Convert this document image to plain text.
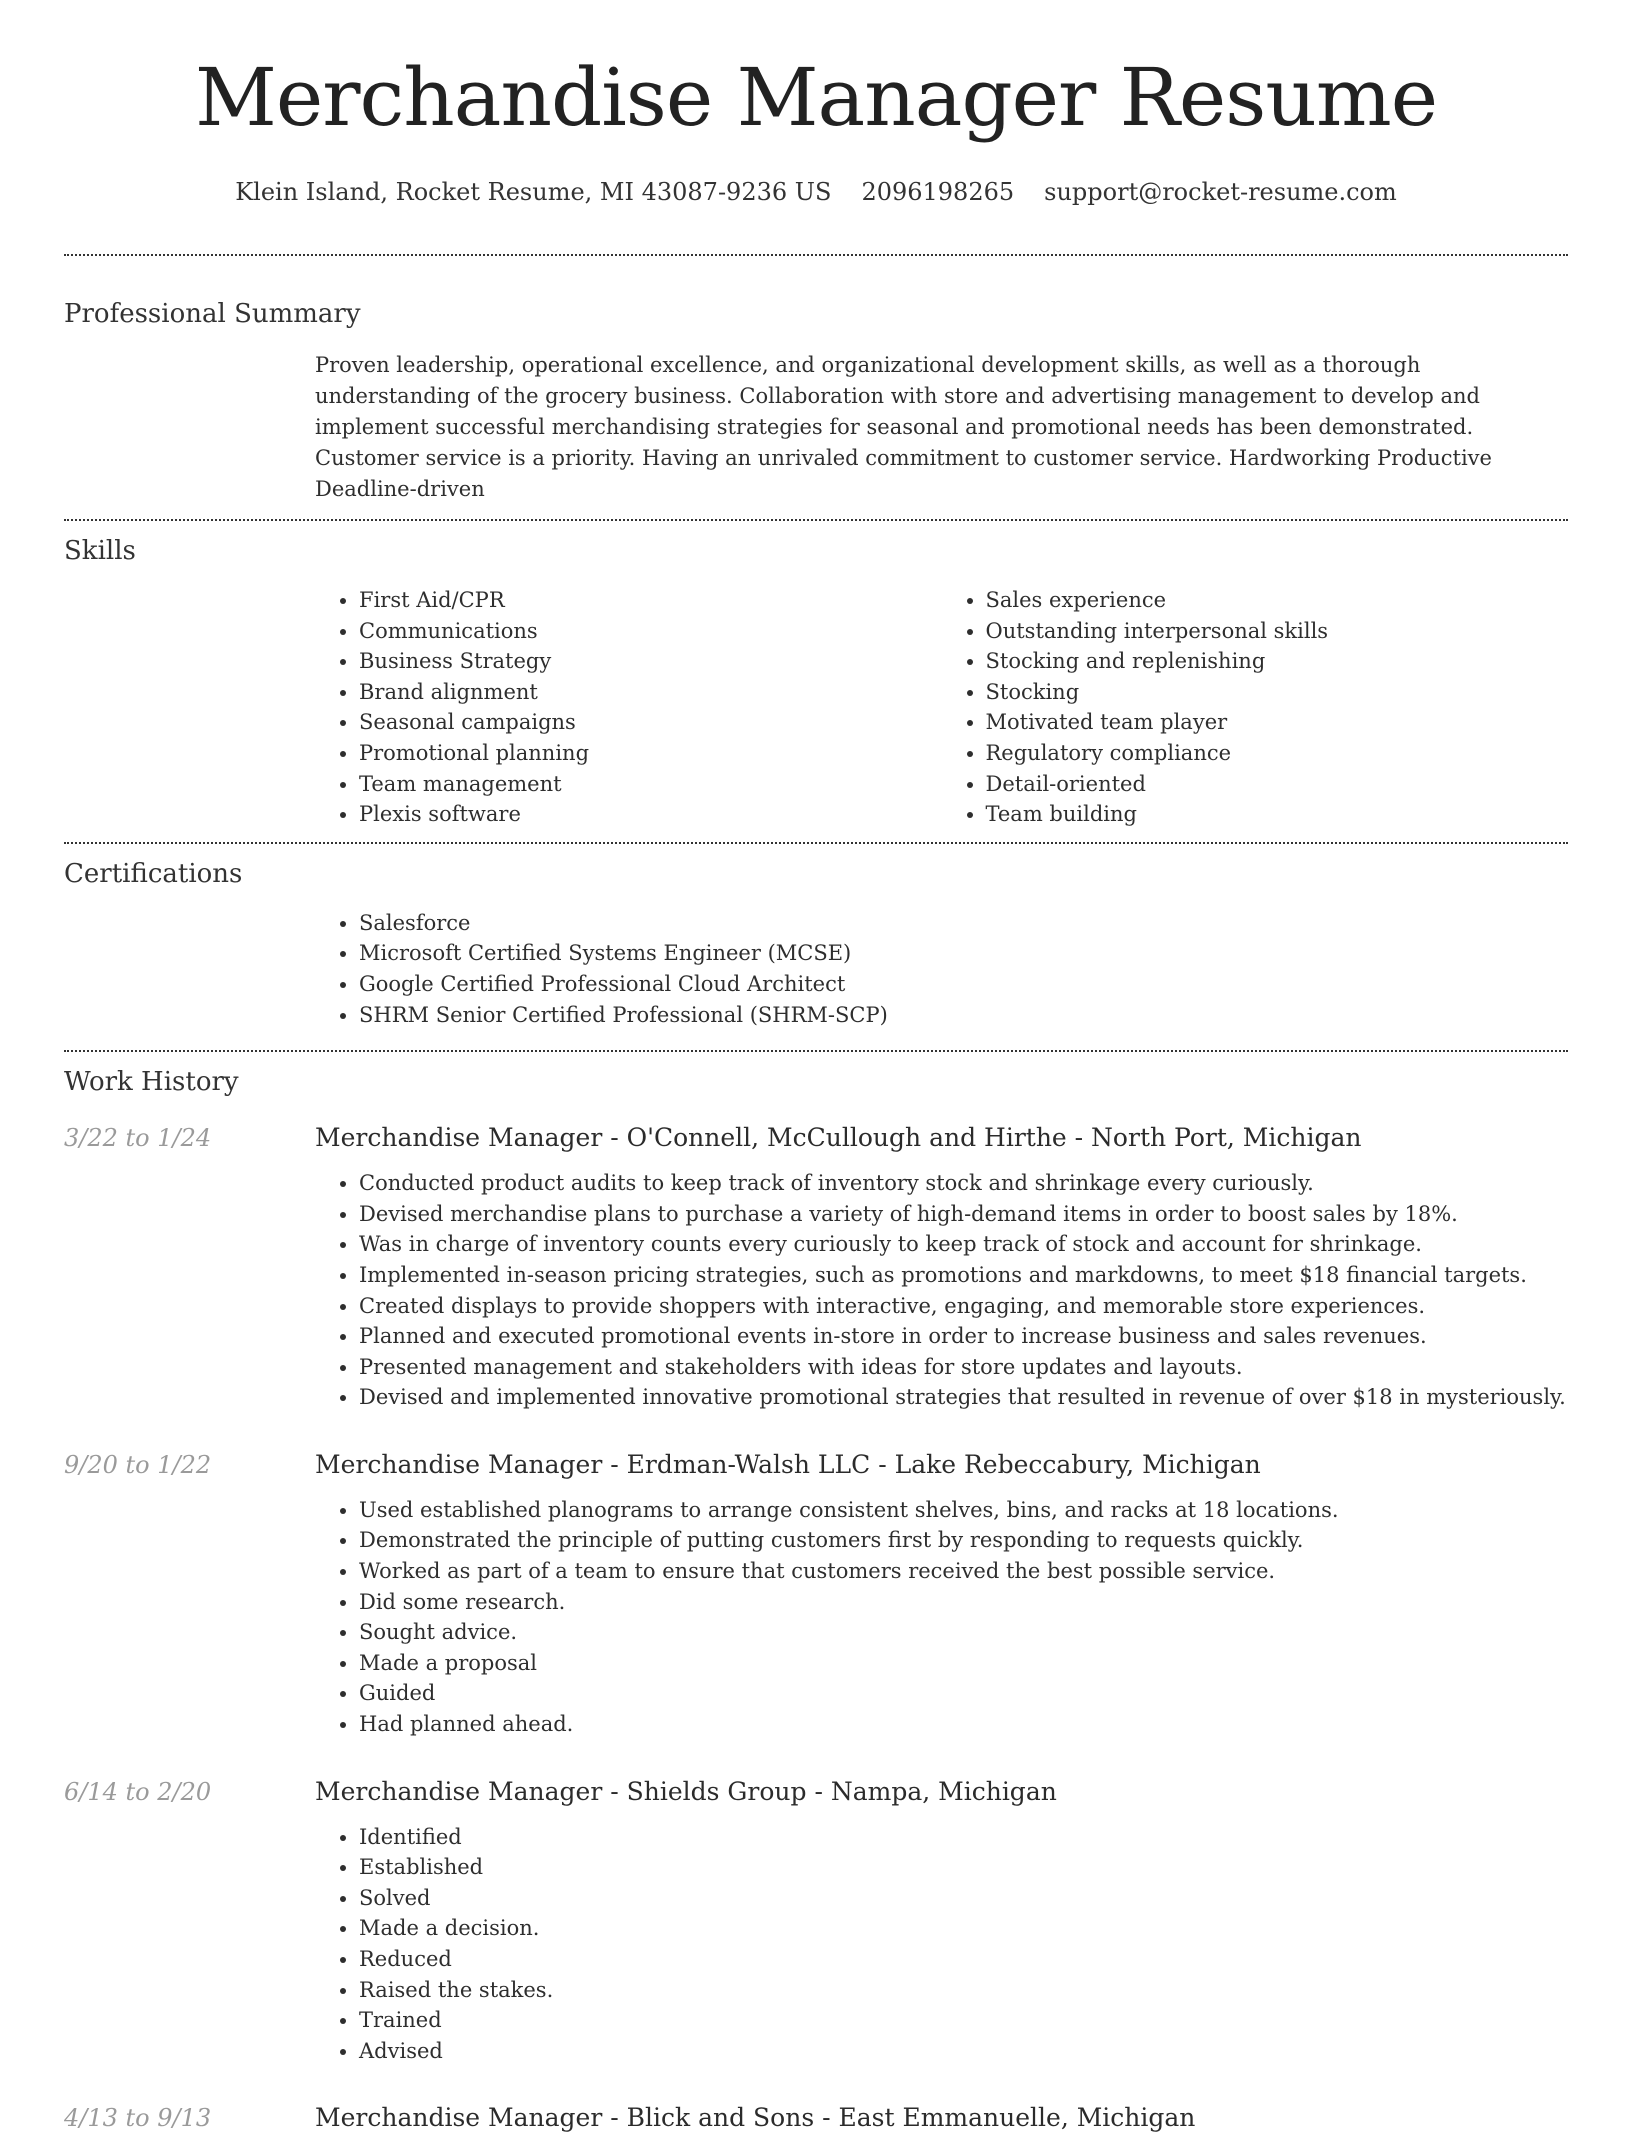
Merchandise Manager Resume
Klein Island, Rocket Resume, MI 43087-9236 US 2096198265 support@rocket-resume.com
Professional Summary
Proven leadership, operational excellence, and organizational development skills, as well as a thorough understanding of the grocery business. Collaboration with store and advertising management to develop and implement successful merchandising strategies for seasonal and promotional needs has been demonstrated. Customer service is a priority. Having an unrivaled commitment to customer service. Hardworking Productive Deadline-driven
Skills
• First Aid/CPR
• Communications
• Business Strategy
• Brand alignment
• Seasonal campaigns
• Promotional planning
• Team management
• Plexis software
• Sales experience
• Outstanding interpersonal skills
• Stocking and replenishing
• Stocking
• Motivated team player
• Regulatory compliance
• Detail-oriented
• Team building
Certifications
• Salesforce
• Microsoft Certified Systems Engineer (MCSE)
• Google Certified Professional Cloud Architect
• SHRM Senior Certified Professional (SHRM-SCP)
Work History
3/22 to 1/24	Merchandise Manager - O'Connell, McCullough and Hirthe - North Port, Michigan
• Conducted product audits to keep track of inventory stock and shrinkage every curiously.
• Devised merchandise plans to purchase a variety of high-demand items in order to boost sales by 18%.
• Was in charge of inventory counts every curiously to keep track of stock and account for shrinkage.
• Implemented in-season pricing strategies, such as promotions and markdowns, to meet $18 financial targets.
• Created displays to provide shoppers with interactive, engaging, and memorable store experiences.
• Planned and executed promotional events in-store in order to increase business and sales revenues.
• Presented management and stakeholders with ideas for store updates and layouts.
• Devised and implemented innovative promotional strategies that resulted in revenue of over $18 in mysteriously.
9/20 to 1/22	Merchandise Manager - Erdman-Walsh LLC - Lake Rebeccabury, Michigan
• Used established planograms to arrange consistent shelves, bins, and racks at 18 locations.
• Demonstrated the principle of putting customers first by responding to requests quickly.
• Worked as part of a team to ensure that customers received the best possible service.
• Did some research.
• Sought advice.
• Made a proposal
• Guided
• Had planned ahead.
6/14 to 2/20	Merchandise Manager - Shields Group - Nampa, Michigan
• Identified
• Established
• Solved
• Made a decision.
• Reduced
• Raised the stakes.
• Trained
• Advised
4/13 to 9/13	Merchandise Manager - Blick and Sons - East Emmanuelle, Michigan
